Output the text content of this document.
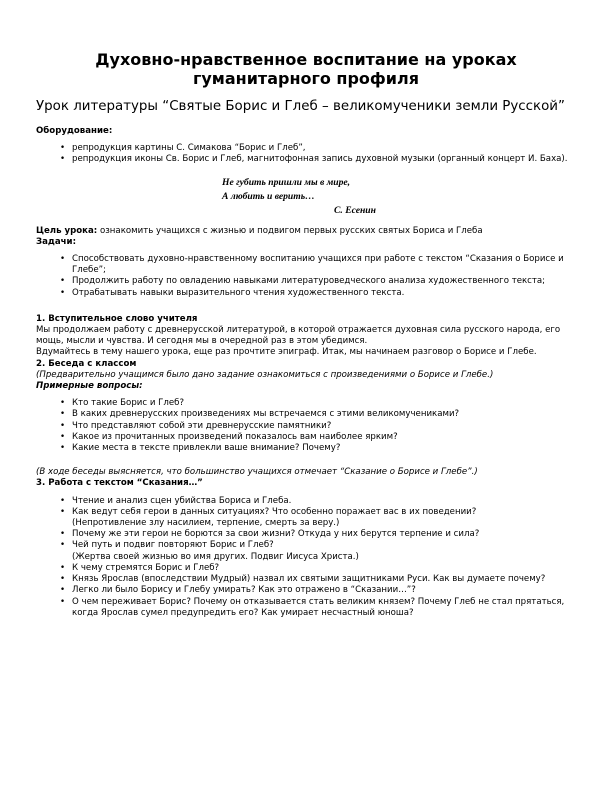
Духовно-нравственное воспитание на уроках гуманитарного профиля

Урок литературы “Святые Борис и Глеб – великомученики земли Русской”

Оборудование:

• репродукция картины С. Симакова “Борис и Глеб”,
• репродукция иконы Св. Борис и Глеб, магнитофонная запись духовной музыки (органный концерт И. Баха).
Не губить пришли мы в мире,
А любить и верить…
С. Есенин

Цель урока: ознакомить учащихся с жизнью и подвигом первых русских святых Бориса и Глеба

Задачи:

• Способствовать духовно-нравственному воспитанию учащихся при работе с текстом “Сказания о Борисе и Глебе”;
• Продолжить работу по овладению навыками литературоведческого анализа художественного текста;
• Отрабатывать навыки выразительного чтения художественного текста.

1. Вступительное слово учителя

Мы продолжаем работу с древнерусской литературой, в которой отражается духовная сила русского народа, его мощь, мысли и чувства. И сегодня мы в очередной раз в этом убедимся.

Вдумайтесь в тему нашего урока, еще раз прочтите эпиграф. Итак, мы начинаем разговор о Борисе и Глебе.

2. Беседа с классом

(Предварительно учащимся было дано задание ознакомиться с произведениями о Борисе и Глебе.)

Примерные вопросы:

• Кто такие Борис и Глеб?
• В каких древнерусских произведениях мы встречаемся с этими великомучениками?
• Что представляют собой эти древнерусские памятники?
• Какое из прочитанных произведений показалось вам наиболее ярким?
• Какие места в тексте привлекли ваше внимание? Почему?

(В ходе беседы выясняется, что большинство учащихся отмечает “Сказание о Борисе и Глебе”.)

3. Работа с текстом “Сказания…”

• Чтение и анализ сцен убийства Бориса и Глеба.
• Как ведут себя герои в данных ситуациях? Что особенно поражает вас в их поведении?
(Непротивление злу насилием, терпение, смерть за веру.)
• Почему же эти герои не борются за свои жизни? Откуда у них берутся терпение и сила?
• Чей путь и подвиг повторяют Борис и Глеб?
(Жертва своей жизнью во имя других. Подвиг Иисуса Христа.)
• К чему стремятся Борис и Глеб?
• Князь Ярослав (впоследствии Мудрый) назвал их святыми защитниками Руси. Как вы думаете почему?
• Легко ли было Борису и Глебу умирать? Как это отражено в “Сказании…”?
• О чем переживает Борис? Почему он отказывается стать великим князем? Почему Глеб не стал прятаться, когда Ярослав сумел предупредить его? Как умирает несчастный юноша?
